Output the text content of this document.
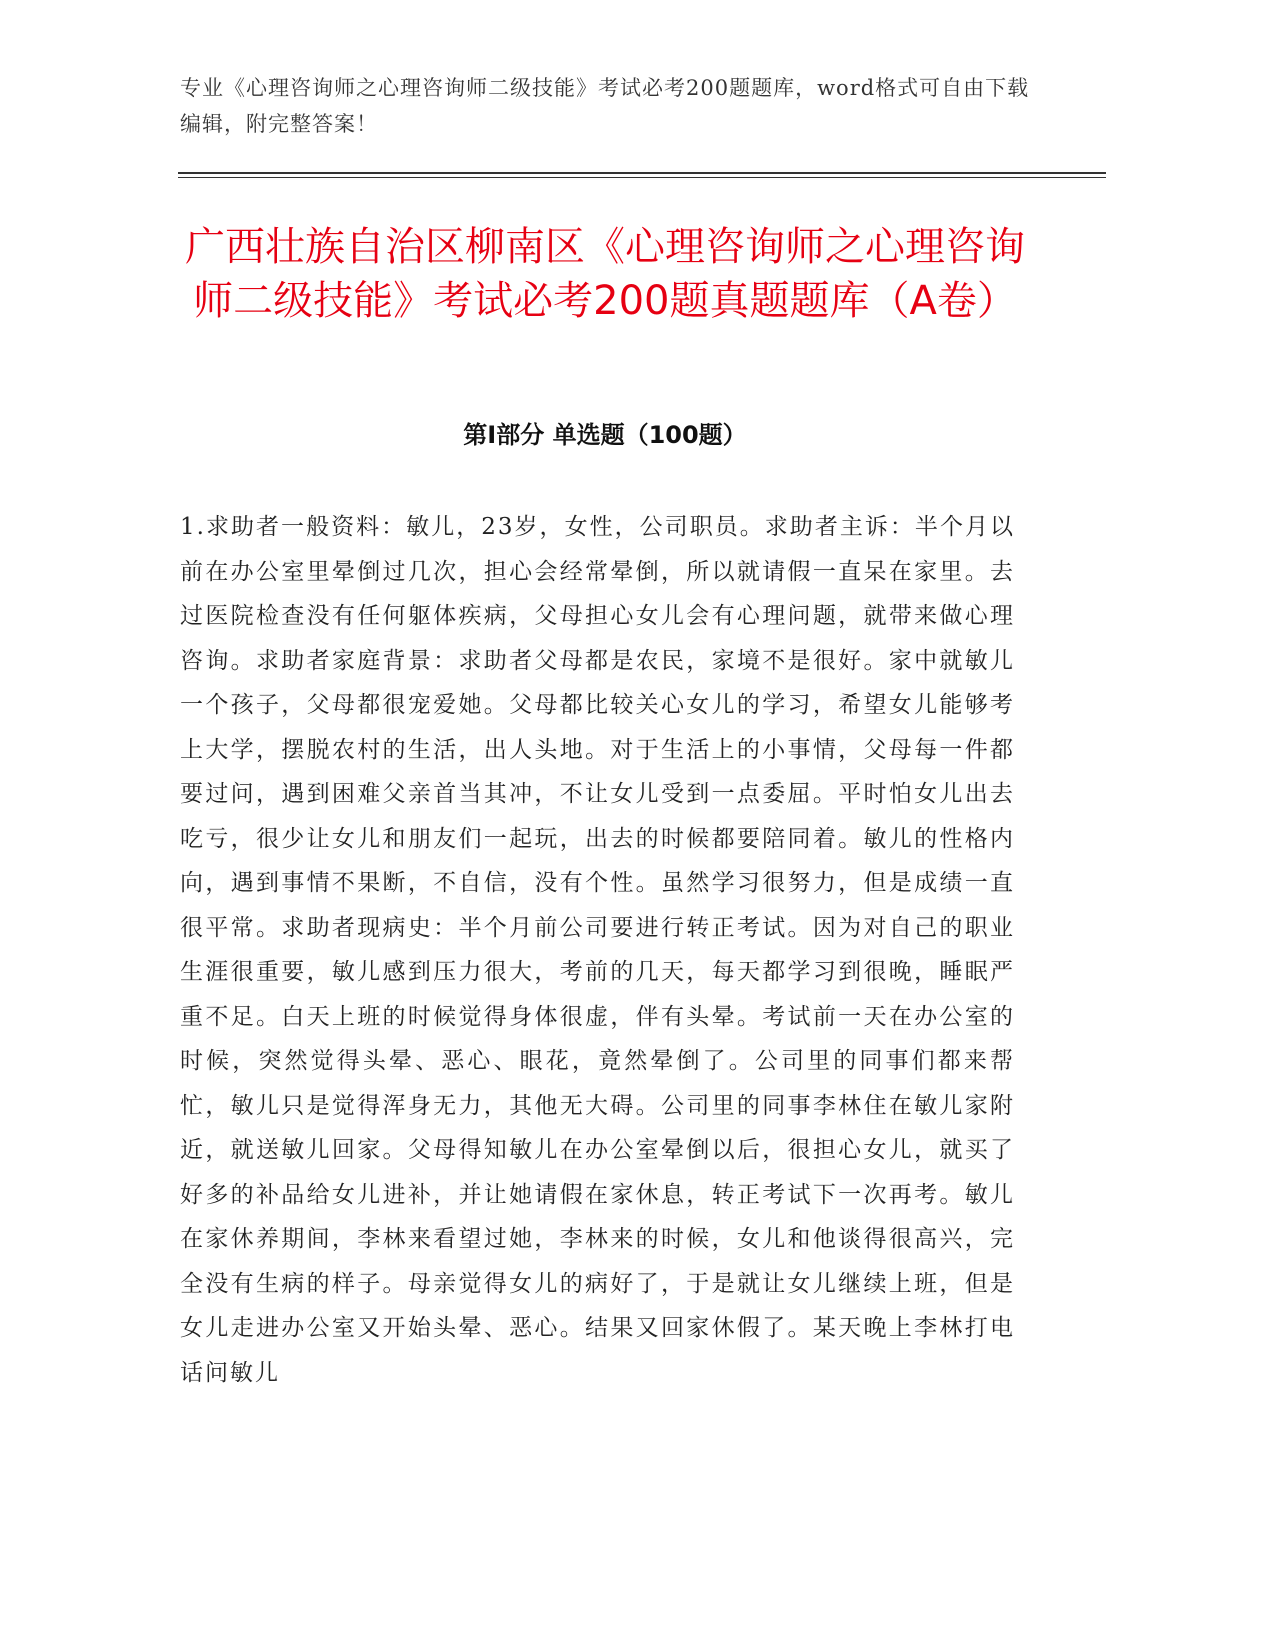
专业《心理咨询师之心理咨询师二级技能》考试必考200题题库，word格式可自由下载编辑，附完整答案！
广西壮族自治区柳南区《心理咨询师之心理咨询师二级技能》考试必考200题真题题库（A卷）
第I部分 单选题（100题）

1.求助者一般资料：敏儿，23岁，女性，公司职员。求助者主诉：半个月以前在办公室里晕倒过几次，担心会经常晕倒，所以就请假一直呆在家里。去过医院检查没有任何躯体疾病，父母担心女儿会有心理问题，就带来做心理咨询。求助者家庭背景：求助者父母都是农民，家境不是很好。家中就敏儿一个孩子，父母都很宠爱她。父母都比较关心女儿的学习，希望女儿能够考上大学，摆脱农村的生活，出人头地。对于生活上的小事情，父母每一件都要过问，遇到困难父亲首当其冲，不让女儿受到一点委屈。平时怕女儿出去吃亏，很少让女儿和朋友们一起玩，出去的时候都要陪同着。敏儿的性格内向，遇到事情不果断，不自信，没有个性。虽然学习很努力，但是成绩一直很平常。求助者现病史：半个月前公司要进行转正考试。因为对自己的职业生涯很重要，敏儿感到压力很大，考前的几天，每天都学习到很晚，睡眠严重不足。白天上班的时候觉得身体很虚，伴有头晕。考试前一天在办公室的时候，突然觉得头晕、恶心、眼花，竟然晕倒了。公司里的同事们都来帮忙，敏儿只是觉得浑身无力，其他无大碍。公司里的同事李林住在敏儿家附近，就送敏儿回家。父母得知敏儿在办公室晕倒以后，很担心女儿，就买了好多的补品给女儿进补，并让她请假在家休息，转正考试下一次再考。敏儿在家休养期间，李林来看望过她，李林来的时候，女儿和他谈得很高兴，完全没有生病的样子。母亲觉得女儿的病好了，于是就让女儿继续上班，但是女儿走进办公室又开始头晕、恶心。结果又回家休假了。某天晚上李林打电话问敏儿
